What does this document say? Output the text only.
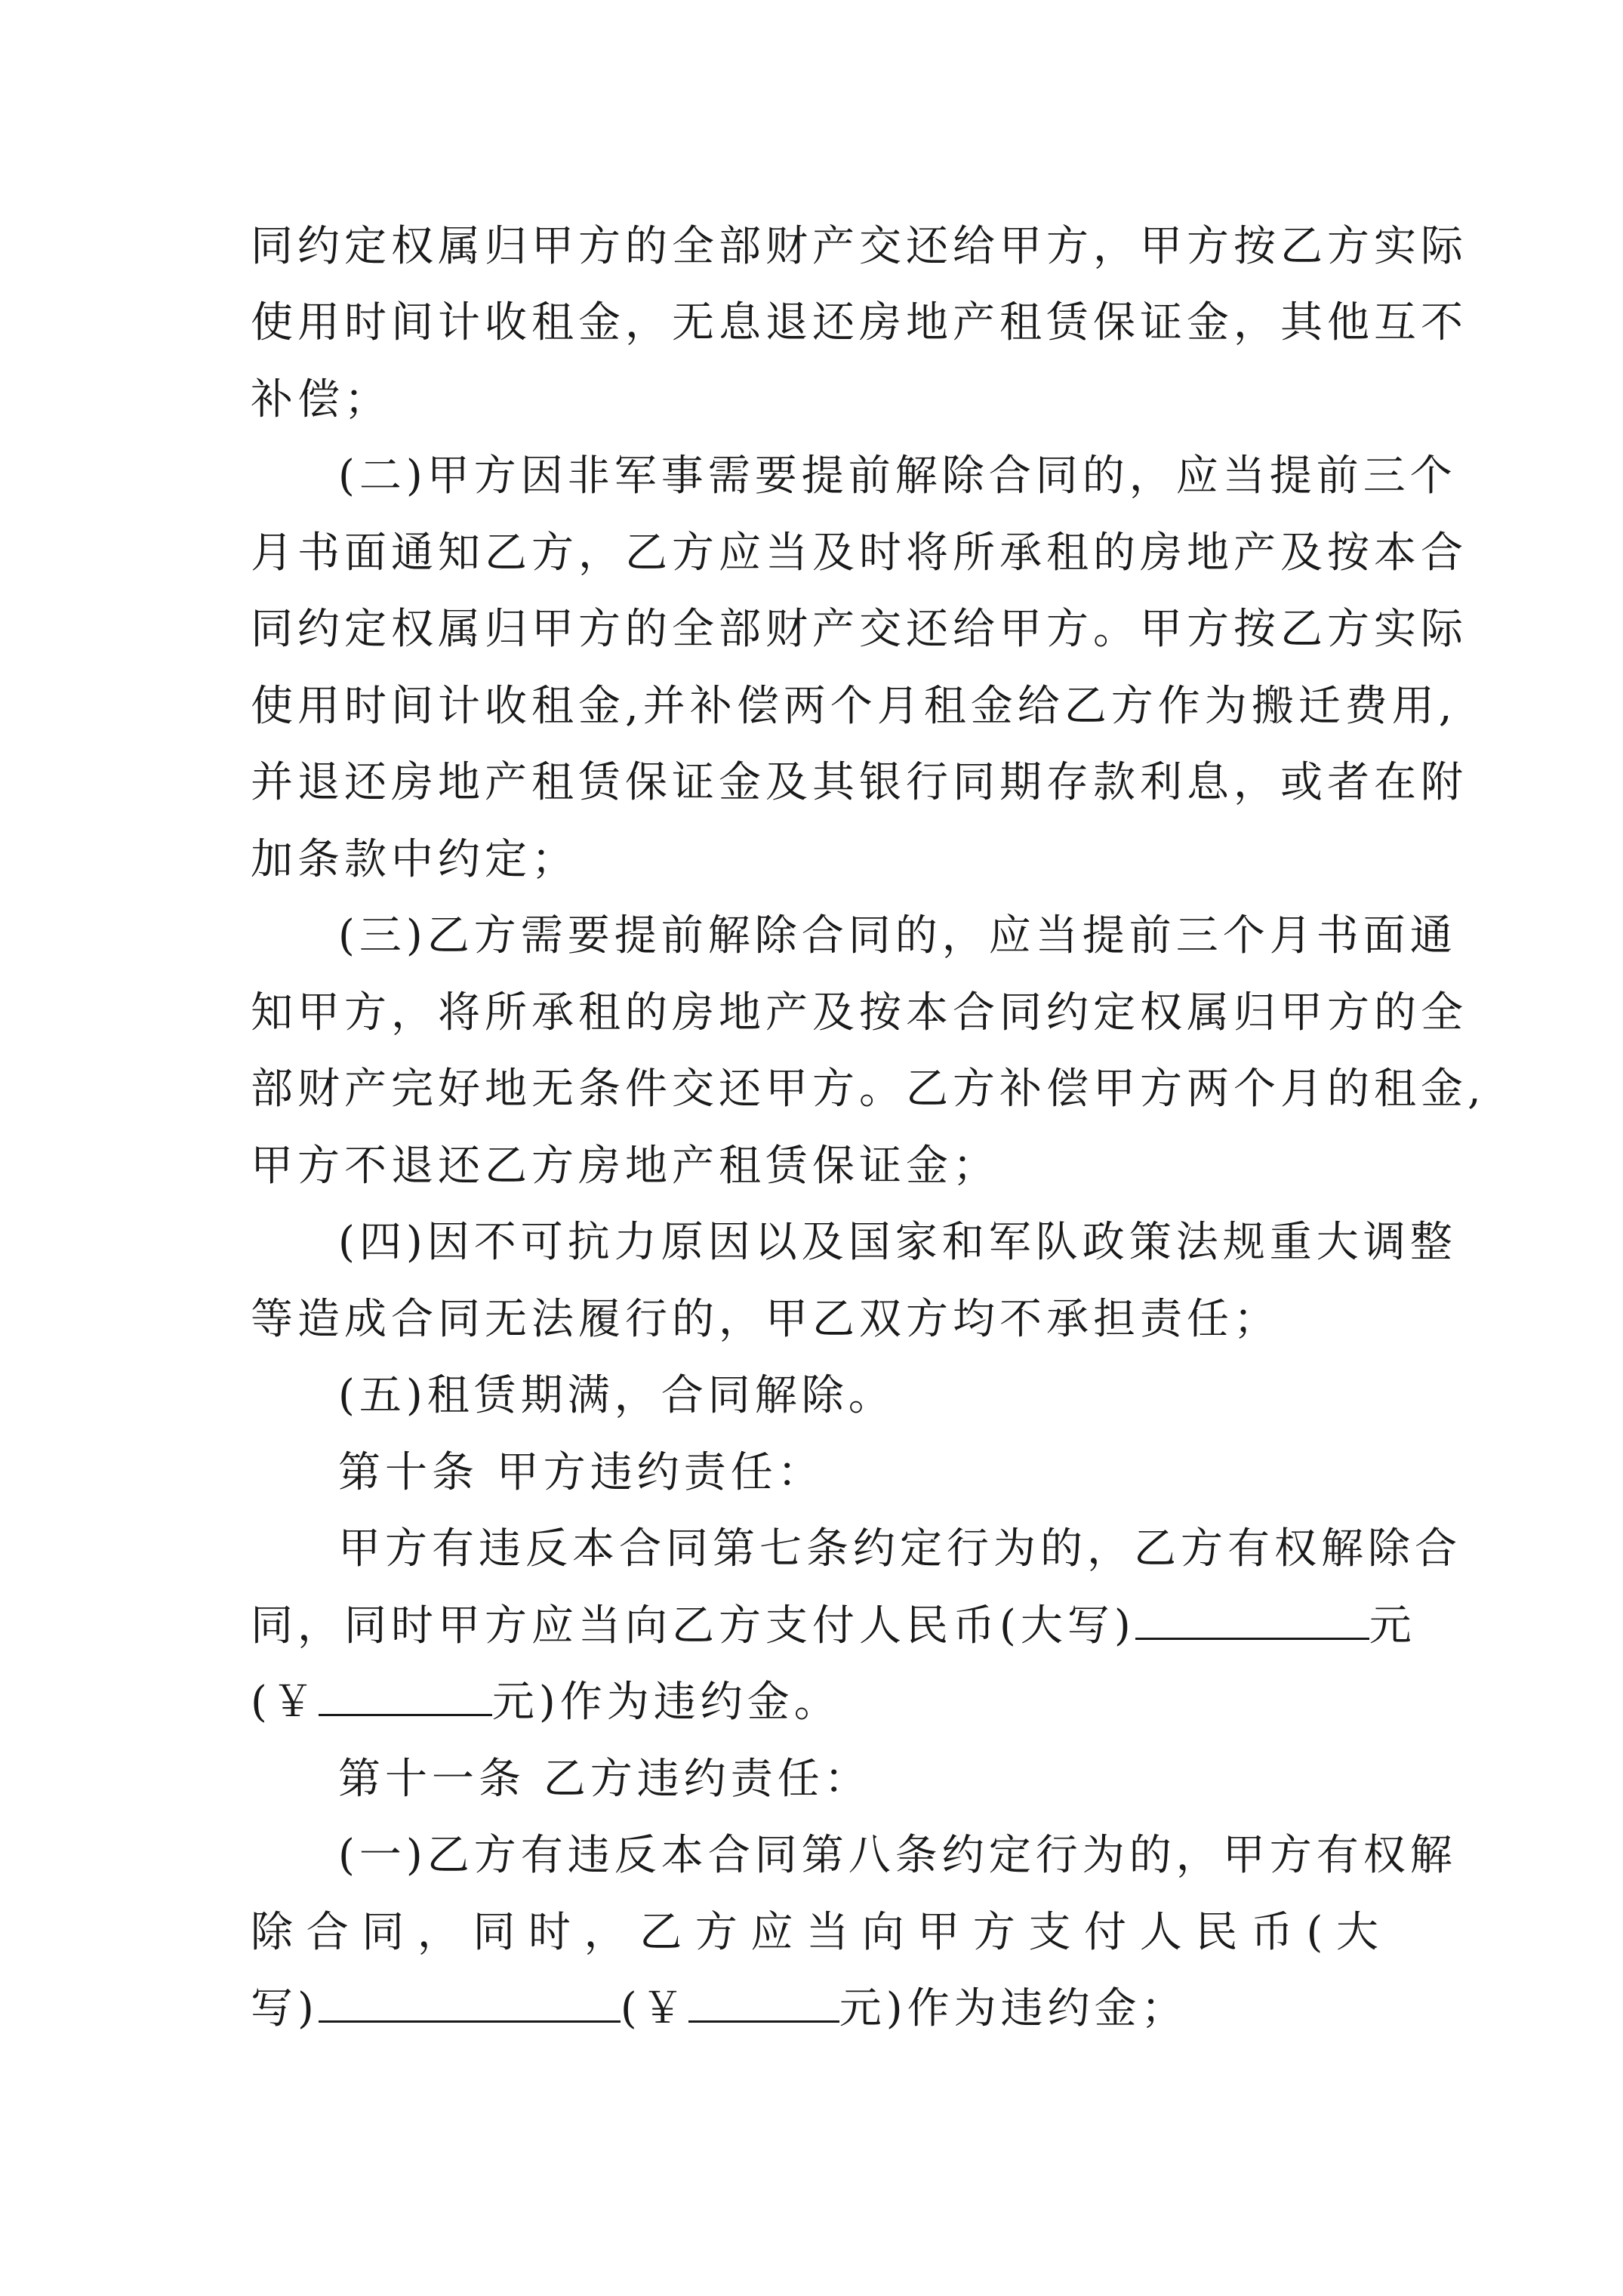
同约定权属归甲方的全部财产交还给甲方，甲方按乙方实际
使用时间计收租金，无息退还房地产租赁保证金，其他互不
补偿；
(二)甲方因非军事需要提前解除合同的，应当提前三个
月书面通知乙方，乙方应当及时将所承租的房地产及按本合
同约定权属归甲方的全部财产交还给甲方。甲方按乙方实际
使用时间计收租金,并补偿两个月租金给乙方作为搬迁费用,
并退还房地产租赁保证金及其银行同期存款利息，或者在附
加条款中约定；
(三)乙方需要提前解除合同的，应当提前三个月书面通
知甲方，将所承租的房地产及按本合同约定权属归甲方的全
部财产完好地无条件交还甲方。乙方补偿甲方两个月的租金,
甲方不退还乙方房地产租赁保证金；
(四)因不可抗力原因以及国家和军队政策法规重大调整
等造成合同无法履行的，甲乙双方均不承担责任；
(五)租赁期满，合同解除。
第十条 甲方违约责任：
甲方有违反本合同第七条约定行为的，乙方有权解除合
同，同时甲方应当向乙方支付人民币(大写)	元
(￥	元)作为违约金。
第十一条 乙方违约责任：
(一)乙方有违反本合同第八条约定行为的，甲方有权解
除合同，同时，乙方应当向甲方支付人民币(大
写)	(￥	元)作为违约金；
